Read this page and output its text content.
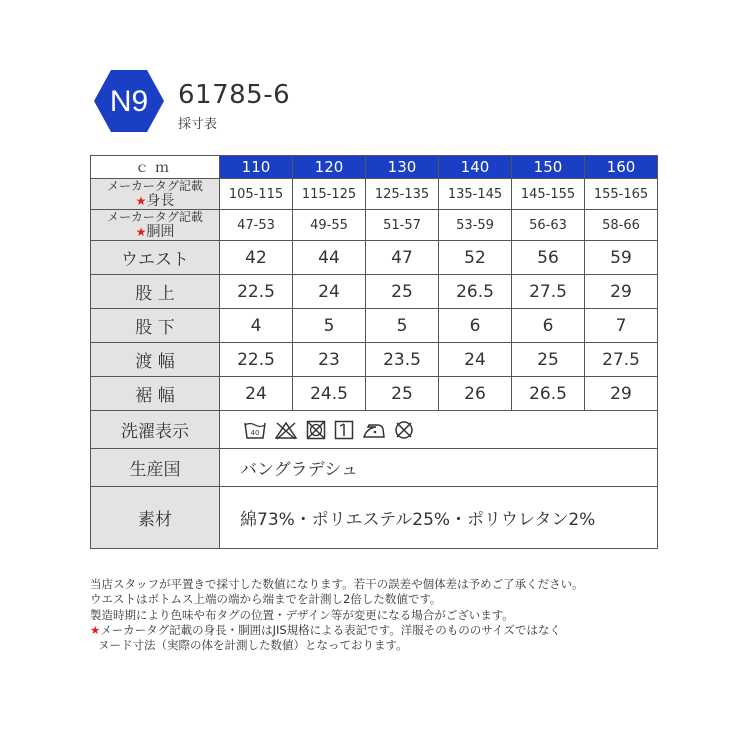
N9 61785-6
採寸表
ｃｍ	110	120	130	140	150	160

メーカータグ記載
★身長	105-115	115-125	125-135	135-145	145-155	155-165

メーカータグ記載
★胴囲	47-53	49-55	51-57	53-59	56-63	58-66
ウエスト	42	44	47	52	56	59
股 上	22.5	24	25	26.5	27.5	29
股 下	4	5	5	6	6	7
渡 幅	22.5	23	23.5	24	25	27.5
裾 幅	24	24.5	25	26	26.5	29
洗濯表示	40					

生産国	バングラデシュ					
素材	綿73%・ポリエステル25%・ポリウレタン2%					
当店スタッフが平置きで採寸した数値になります。若干の誤差や個体差は予めご了承ください。
ウエストはボトムス上端の端から端までを計測し2倍した数値です。
製造時期により色味や布タグの位置・デザイン等が変更になる場合がございます。
★メーカータグ記載の身長・胴囲はJIS規格による表記です。洋服そのもののサイズではなく
ヌード寸法（実際の体を計測した数値）となっております。
